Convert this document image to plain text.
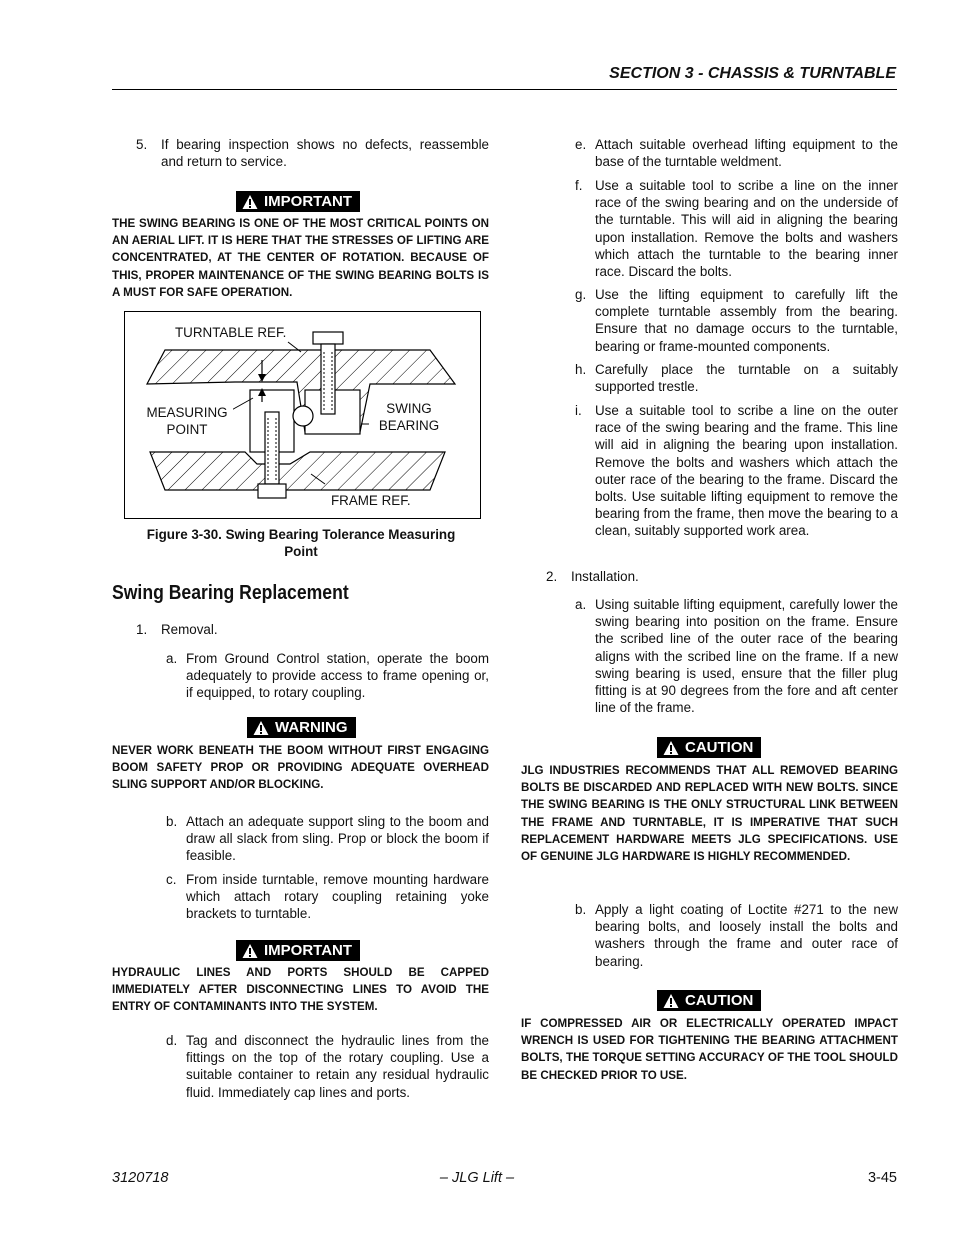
SECTION 3 - CHASSIS & TURNTABLE
5. If bearing inspection shows no defects, reassemble and return to service.
IMPORTANT
THE SWING BEARING IS ONE OF THE MOST CRITICAL POINTS ON AN AERIAL LIFT. IT IS HERE THAT THE STRESSES OF LIFTING ARE CONCENTRATED, AT THE CENTER OF ROTATION. BECAUSE OF THIS, PROPER MAINTENANCE OF THE SWING BEARING BOLTS IS A MUST FOR SAFE OPERATION.
TURNTABLE REF.
MEASURING
POINT
SWING
BEARING
FRAME REF.
Figure 3-30. Swing Bearing Tolerance Measuring
Point
Swing Bearing Replacement
1. Removal.
a. From Ground Control station, operate the boom adequately to provide access to frame opening or, if equipped, to rotary coupling.
WARNING
NEVER WORK BENEATH THE BOOM WITHOUT FIRST ENGAGING BOOM SAFETY PROP OR PROVIDING ADEQUATE OVERHEAD SLING SUPPORT AND/OR BLOCKING.
b. Attach an adequate support sling to the boom and draw all slack from sling. Prop or block the boom if feasible.
c. From inside turntable, remove mounting hardware which attach rotary coupling retaining yoke brackets to turntable.
IMPORTANT
HYDRAULIC LINES AND PORTS SHOULD BE CAPPED IMMEDIATELY AFTER DISCONNECTING LINES TO AVOID THE ENTRY OF CONTAMINANTS INTO THE SYSTEM.
d. Tag and disconnect the hydraulic lines from the fittings on the top of the rotary coupling. Use a suitable container to retain any residual hydraulic fluid. Immediately cap lines and ports.
e. Attach suitable overhead lifting equipment to the base of the turntable weldment.
f. Use a suitable tool to scribe a line on the inner race of the swing bearing and on the underside of the turntable. This will aid in aligning the bearing upon installation. Remove the bolts and washers which attach the turntable to the bearing inner race. Discard the bolts.
g. Use the lifting equipment to carefully lift the complete turntable assembly from the bearing. Ensure that no damage occurs to the turntable, bearing or frame-mounted components.
h. Carefully place the turntable on a suitably supported trestle.
i. Use a suitable tool to scribe a line on the outer race of the swing bearing and the frame. This line will aid in aligning the bearing upon installation. Remove the bolts and washers which attach the outer race of the bearing to the frame. Discard the bolts. Use suitable lifting equipment to remove the bearing from the frame, then move the bearing to a clean, suitably supported work area.
2. Installation.
a. Using suitable lifting equipment, carefully lower the swing bearing into position on the frame. Ensure the scribed line of the outer race of the bearing aligns with the scribed line on the frame. If a new swing bearing is used, ensure that the filler plug fitting is at 90 degrees from the fore and aft center line of the frame.
CAUTION
JLG INDUSTRIES RECOMMENDS THAT ALL REMOVED BEARING BOLTS BE DISCARDED AND REPLACED WITH NEW BOLTS. SINCE THE SWING BEARING IS THE ONLY STRUCTURAL LINK BETWEEN THE FRAME AND TURNTABLE, IT IS IMPERATIVE THAT SUCH REPLACEMENT HARDWARE MEETS JLG SPECIFICATIONS. USE OF GENUINE JLG HARDWARE IS HIGHLY RECOMMENDED.
b. Apply a light coating of Loctite #271 to the new bearing bolts, and loosely install the bolts and washers through the frame and outer race of bearing.
CAUTION
IF COMPRESSED AIR OR ELECTRICALLY OPERATED IMPACT WRENCH IS USED FOR TIGHTENING THE BEARING ATTACHMENT BOLTS, THE TORQUE SETTING ACCURACY OF THE TOOL SHOULD BE CHECKED PRIOR TO USE.
3120718	– JLG Lift –	3-45
